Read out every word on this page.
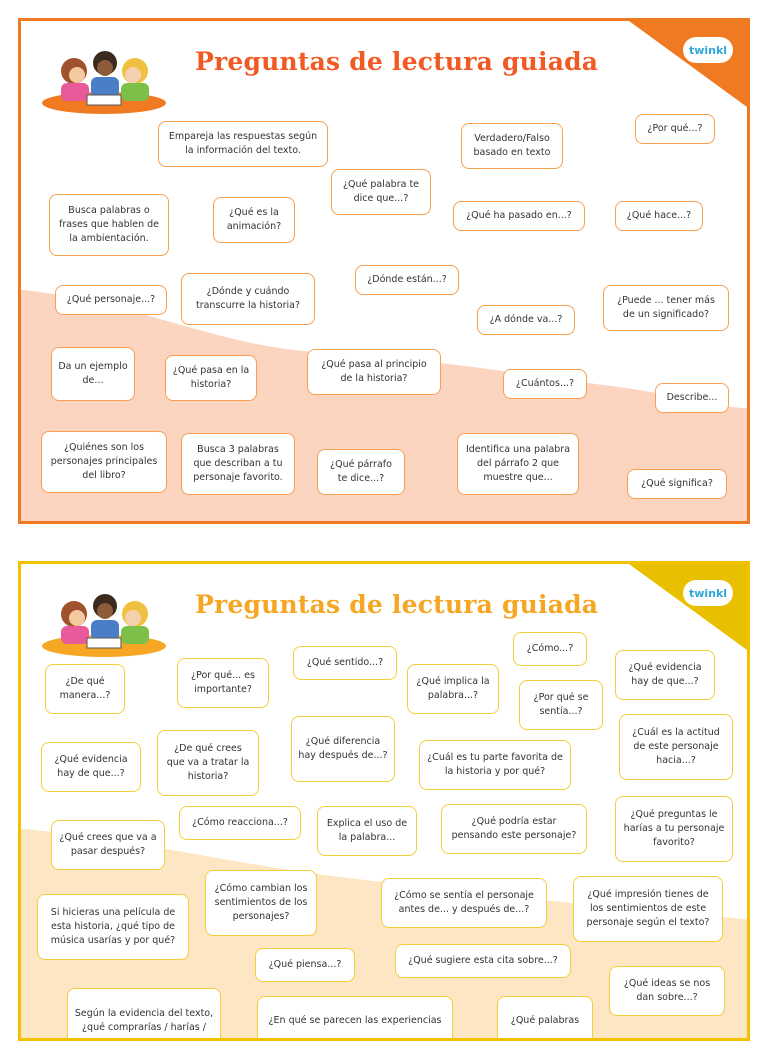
twinkl
Preguntas de lectura guiada
Empareja las respuestas según la información del texto.
Verdadero/Falso basado en texto
¿Por qué...?
¿Qué palabra te dice que...?
Busca palabras o frases que hablen de la ambientación.
¿Qué es la animación?
¿Qué ha pasado en...?	¿Qué hace...?
¿Dónde están...?
¿Qué personaje...?
¿Dónde y cuándo transcurre la historia?	¿Puede ... tener más de un significado?
¿A dónde va...?
Da un ejemplo de...
¿Qué pasa en la historia?
¿Qué pasa al principio de la historia?	¿Cuántos...?
Describe...
¿Quiénes son los personajes principales del libro?
Busca 3 palabras que describan a tu personaje favorito.
¿Qué párrafo te dice...?
Identifica una palabra del párrafo 2 que muestre que...
¿Qué significa?
twinkl
Preguntas de lectura guiada
¿Cómo...?
¿Qué sentido...?
¿Por qué... es importante?
¿De qué manera...?
¿Qué implica la palabra...?
¿Qué evidencia hay de que...?
¿Por qué se sentía...?
¿Qué diferencia hay después de...?
¿De qué crees que va a tratar la historia?
¿Qué evidencia hay de que...?
¿Cuál es tu parte favorita de la historia y por qué?
¿Cuál es la actitud de este personaje hacia...?
¿Cómo reacciona...?	Explica el uso de la palabra...
¿Qué podría estar pensando este personaje?
¿Qué preguntas le harías a tu personaje favorito?
¿Qué crees que va a pasar después?
¿Cómo cambian los sentimientos de los personajes?
¿Cómo se sentía el personaje antes de... y después de...?
¿Qué impresión tienes de los sentimientos de este personaje según el texto?
Si hicieras una película de esta historia, ¿qué tipo de música usarías y por qué?
¿Qué piensa...?	¿Qué sugiere esta cita sobre...?
¿Qué ideas se nos dan sobre...?
Según la evidencia del texto, ¿qué comprarías / harías /
¿En qué se parecen las experiencias	¿Qué palabras
